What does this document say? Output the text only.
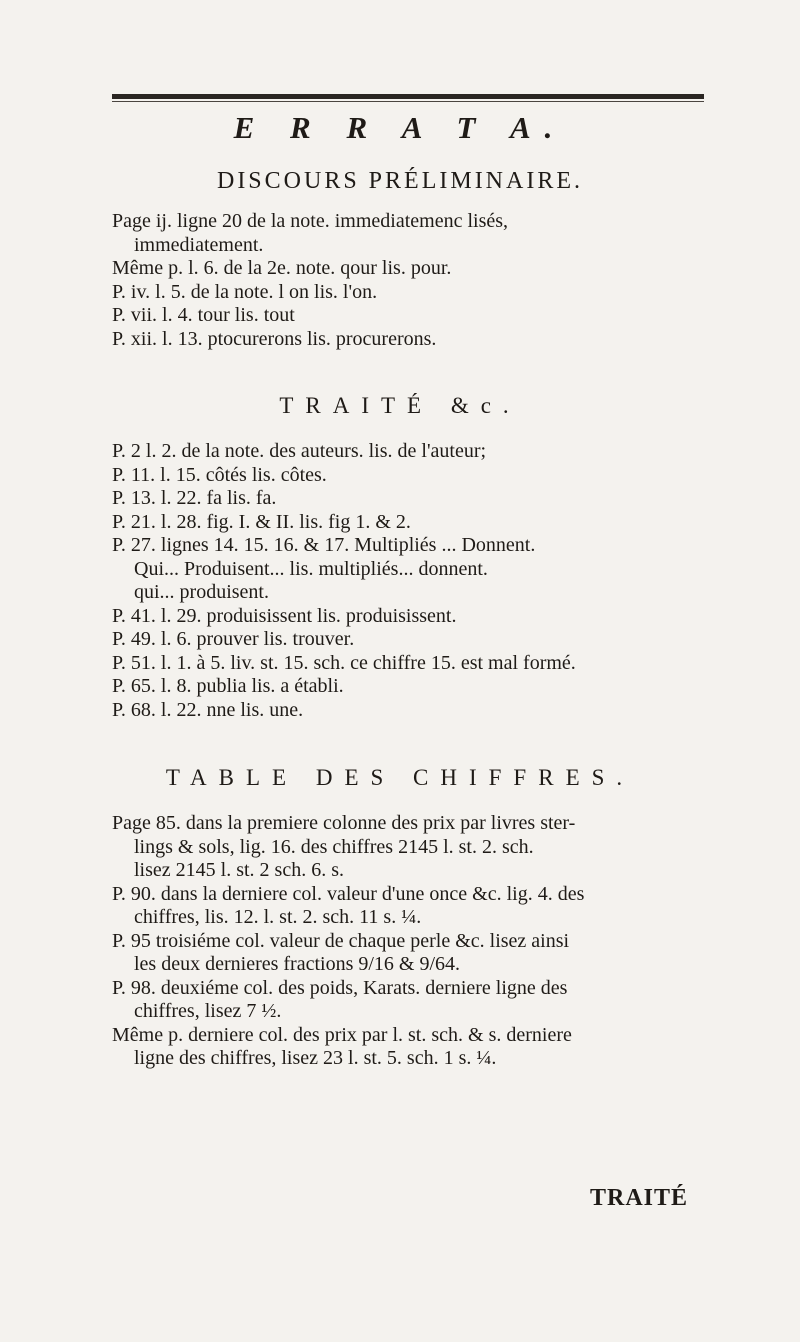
E R R A T A.
DISCOURS PRÉLIMINAIRE.
Page ij. ligne 20 de la note. immediatemenc lisés,
immediatement.
Même p. l. 6. de la 2e. note. qour lis. pour.
P. iv. l. 5. de la note. l on lis. l'on.
P. vii. l. 4. tour lis. tout
P. xii. l. 13. ptocurerons lis. procurerons.
TRAITÉ &c.
P. 2 l. 2. de la note. des auteurs. lis. de l'auteur;
P. 11. l. 15. côtés lis. côtes.
P. 13. l. 22. fa lis. fa.
P. 21. l. 28. fig. I. & II. lis. fig 1. & 2.
P. 27. lignes 14. 15. 16. & 17. Multipliés ... Donnent.
Qui... Produisent... lis. multipliés... donnent.
qui... produisent.
P. 41. l. 29. produisissent lis. produisissent.
P. 49. l. 6. prouver lis. trouver.
P. 51. l. 1. à 5. liv. st. 15. sch. ce chiffre 15. est mal formé.
P. 65. l. 8. publia lis. a établi.
P. 68. l. 22. nne lis. une.
TABLE DES CHIFFRES.
Page 85. dans la premiere colonne des prix par livres ster-
lings & sols, lig. 16. des chiffres 2145 l. st. 2. sch.
lisez 2145 l. st. 2 sch. 6. s.
P. 90. dans la derniere col. valeur d'une once &c. lig. 4. des
chiffres, lis. 12. l. st. 2. sch. 11 s. ¼.
P. 95 troisiéme col. valeur de chaque perle &c. lisez ainsi
les deux dernieres fractions 9/16 & 9/64.
P. 98. deuxiéme col. des poids, Karats. derniere ligne des
chiffres, lisez 7 ½.
Même p. derniere col. des prix par l. st. sch. & s. derniere
ligne des chiffres, lisez 23 l. st. 5. sch. 1 s. ¼.
TRAITÉ
